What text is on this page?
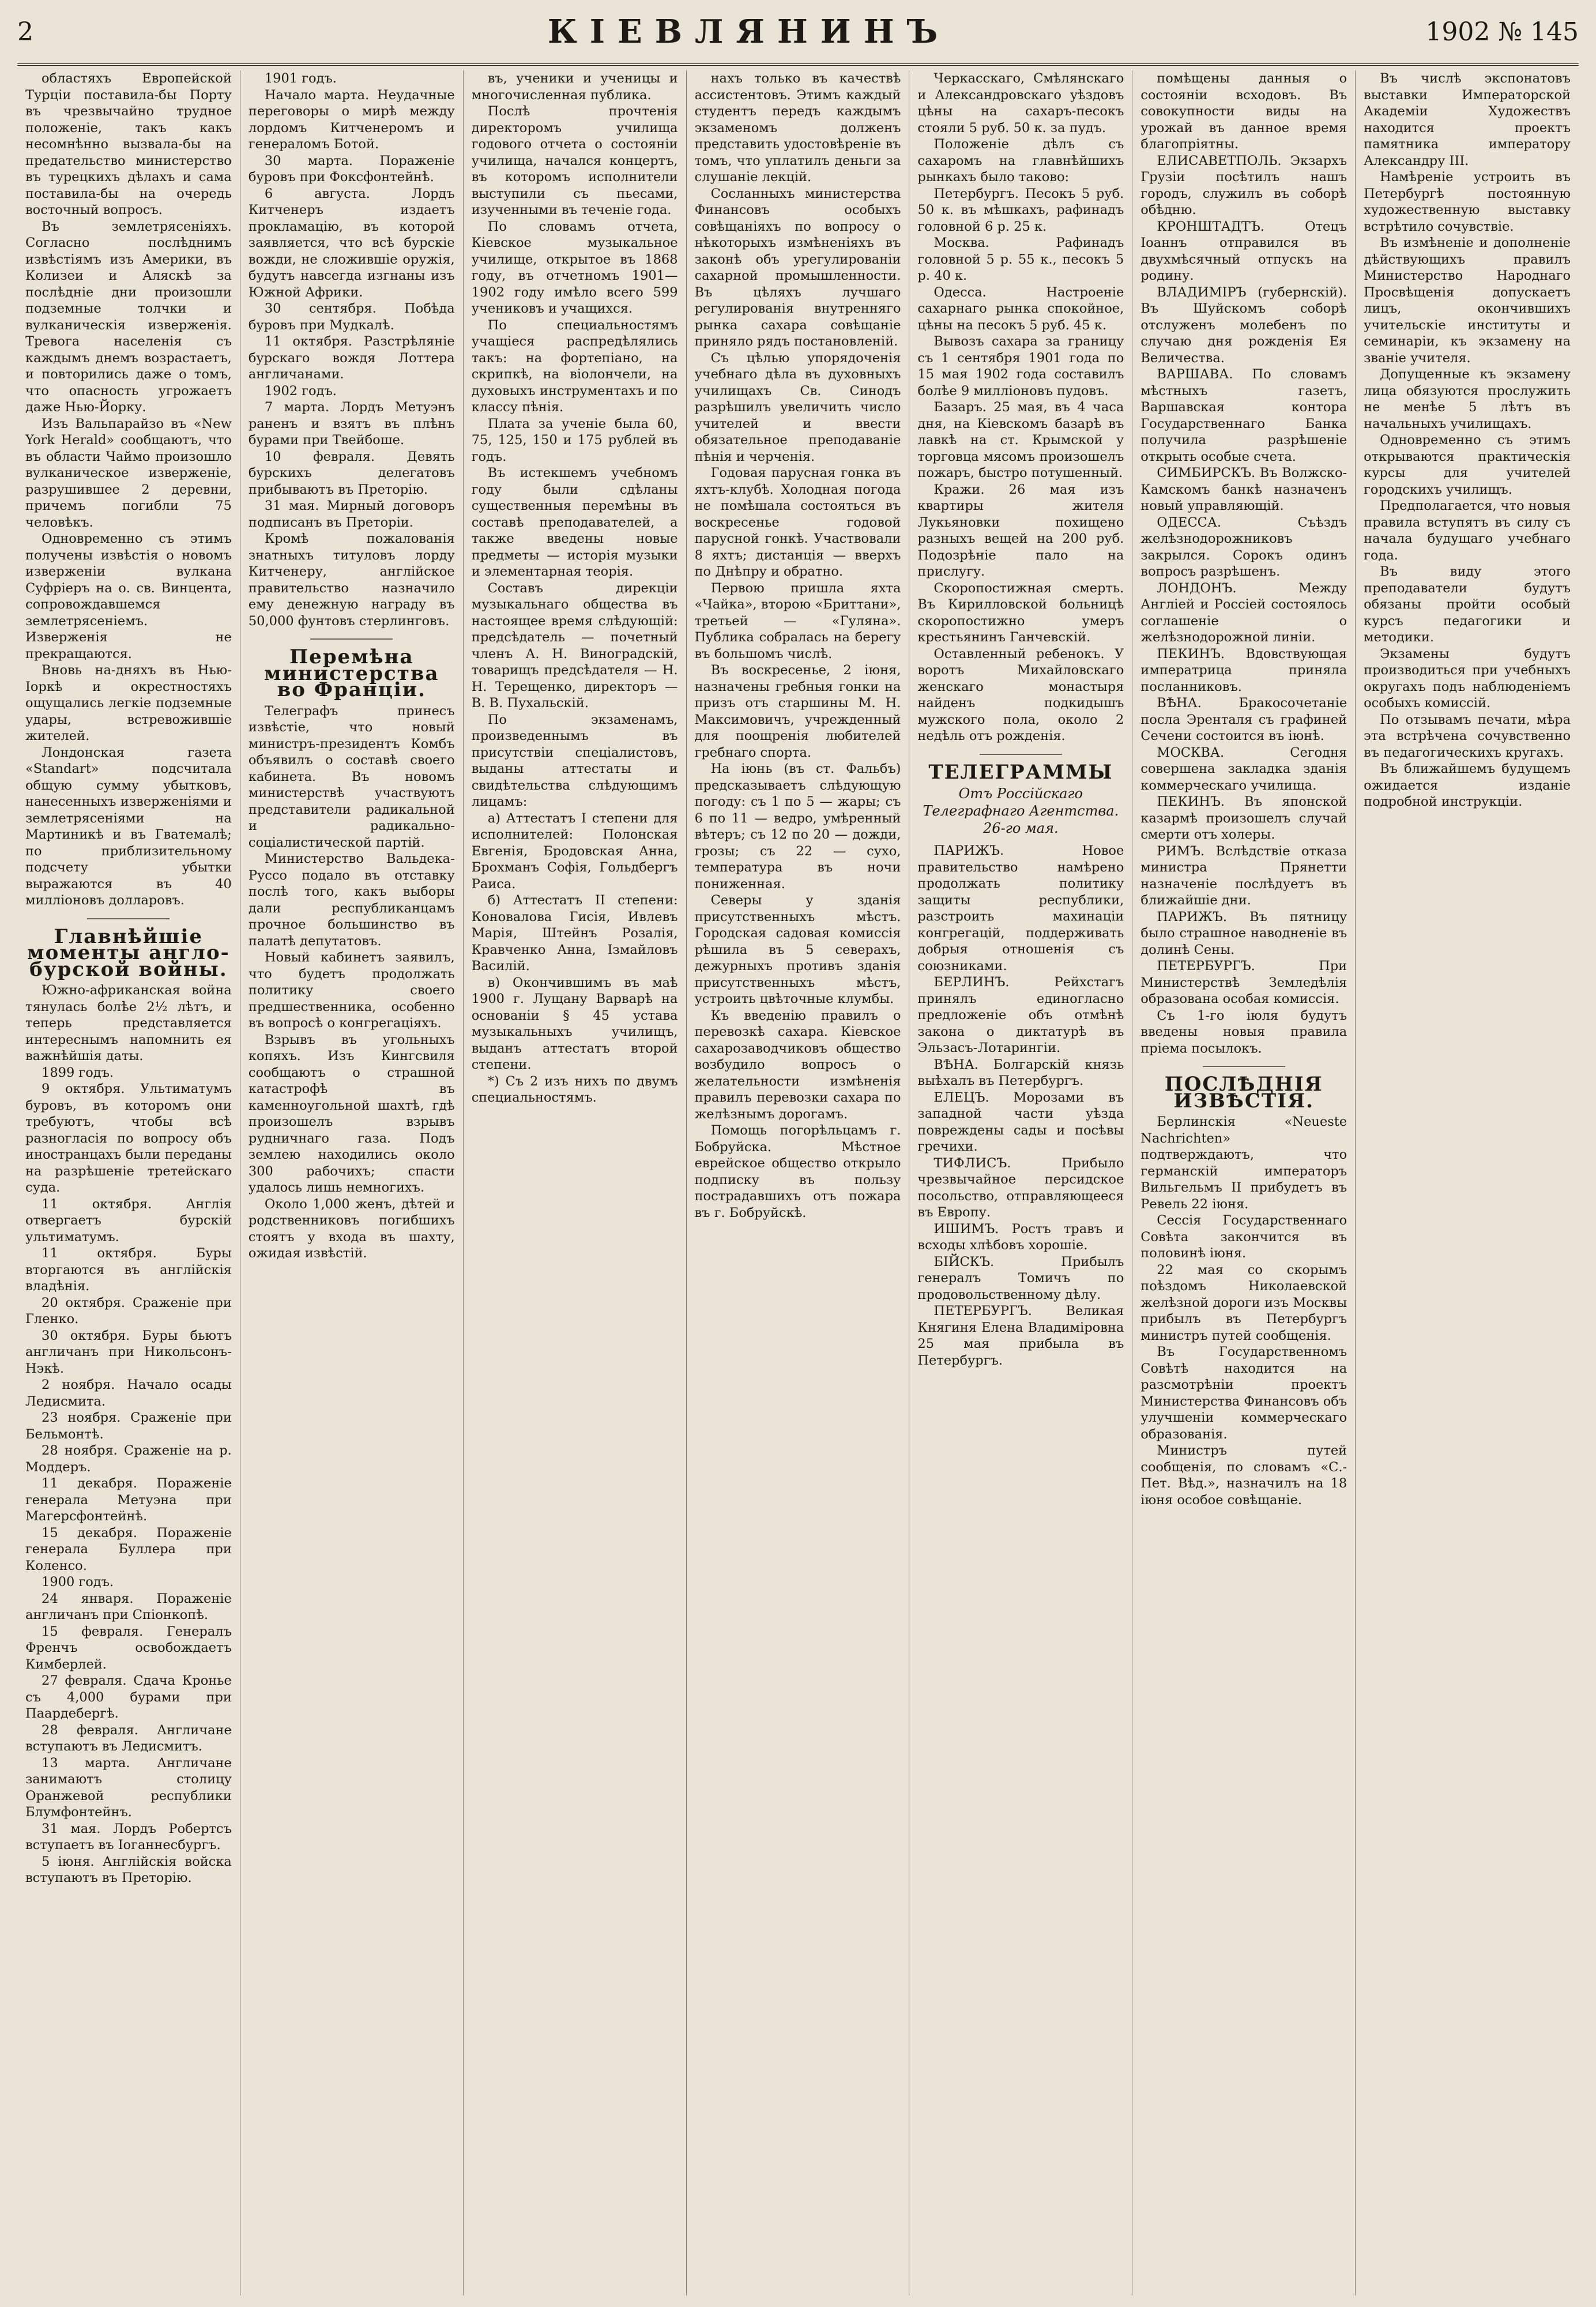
2	КІЕВЛЯНИНЪ	1902 № 145

областяхъ Европейской Турціи поставила-бы Порту въ чрезвычайно трудное положеніе, такъ какъ несомнѣнно вызвала-бы на предательство министерство въ турецкихъ дѣлахъ и сама поставила-бы на очередь восточный вопросъ.

Въ землетрясеніяхъ. Согласно послѣднимъ извѣстіямъ изъ Америки, въ Колизеи и Аляскѣ за послѣдніе дни произошли подземные толчки и вулканическія изверженія. Тревога населенія съ каждымъ днемъ возрастаетъ, и повторились даже о томъ, что опасность угрожаетъ даже Нью-Йорку.

Изъ Вальпарайзо въ «New York Herald» сообщаютъ, что въ области Чаймо произошло вулканическое изверженіе, разрушившее 2 деревни, причемъ погибли 75 человѣкъ.

Одновременно съ этимъ получены извѣстія о новомъ изверженіи вулкана Суфріеръ на о. св. Винцента, сопровождавшемся землетрясеніемъ. Изверженія не прекращаются.

Вновь на-дняхъ въ Нью-Іоркѣ и окрестностяхъ ощущались легкіе подземные удары, встревожившіе жителей.

Лондонская газета «Standart» подсчитала общую сумму убытковъ, нанесенныхъ изверженіями и землетрясеніями на Мартиникѣ и въ Гватемалѣ; по приблизительному подсчету убытки выражаются въ 40 милліоновъ долларовъ.

Главнѣйшіе моменты англо-бурской войны.

Южно-африканская война тянулась болѣе 2½ лѣтъ, и теперь представляется интереснымъ напомнить ея важнѣйшія даты.

1899 годъ.

9 октября. Ультиматумъ буровъ, въ которомъ они требуютъ, чтобы всѣ разногласія по вопросу объ иностранцахъ были переданы на разрѣшеніе третейскаго суда.

11 октября. Англія отвергаетъ бурскій ультиматумъ.

11 октября. Буры вторгаются въ англійскія владѣнія.

20 октября. Сраженіе при Гленко.

30 октября. Буры бьютъ англичанъ при Никольсонъ-Нэкѣ.

2 ноября. Начало осады Ледисмита.

23 ноября. Сраженіе при Бельмонтѣ.

28 ноября. Сраженіе на р. Моддеръ.

11 декабря. Пораженіе генерала Метуэна при Магерсфонтейнѣ.

15 декабря. Пораженіе генерала Буллера при Коленсо.

1900 годъ.

24 января. Пораженіе англичанъ при Спіонкопѣ.

15 февраля. Генералъ Френчъ освобождаетъ Кимберлей.

27 февраля. Сдача Кронье съ 4,000 бурами при Паардебергѣ.

28 февраля. Англичане вступаютъ въ Ледисмитъ.

13 марта. Англичане занимаютъ столицу Оранжевой республики Блумфонтейнъ.

31 мая. Лордъ Робертсъ вступаетъ въ Іоганнесбургъ.

5 іюня. Англійскія войска вступаютъ въ Преторію.

1901 годъ.

Начало марта. Неудачные переговоры о мирѣ между лордомъ Китченеромъ и генераломъ Ботой.

30 марта. Пораженіе буровъ при Фоксфонтейнѣ.

6 августа. Лордъ Китченеръ издаетъ прокламацію, въ которой заявляется, что всѣ бурскіе вожди, не сложившіе оружія, будутъ навсегда изгнаны изъ Южной Африки.

30 сентября. Побѣда буровъ при Мудкалѣ.

11 октября. Разстрѣляніе бурскаго вождя Лоттера англичанами.

1902 годъ.

7 марта. Лордъ Метуэнъ раненъ и взятъ въ плѣнъ бурами при Твейбоше.

10 февраля. Девять бурскихъ делегатовъ прибываютъ въ Преторію.

31 мая. Мирный договоръ подписанъ въ Преторіи.

Кромѣ пожалованія знатныхъ титуловъ лорду Китченеру, англійское правительство назначило ему денежную награду въ 50,000 фунтовъ стерлинговъ.

Перемѣна министерства во Франціи.

Телеграфъ принесъ извѣстіе, что новый министръ-президентъ Комбъ объявилъ о составѣ своего кабинета. Въ новомъ министерствѣ участвуютъ представители радикальной и радикально-соціалистической партій.

Министерство Вальдека-Руссо подало въ отставку послѣ того, какъ выборы дали республиканцамъ прочное большинство въ палатѣ депутатовъ.

Новый кабинетъ заявилъ, что будетъ продолжать политику своего предшественника, особенно въ вопросѣ о конгрегаціяхъ.

Взрывъ въ угольныхъ копяхъ. Изъ Кингсвиля сообщаютъ о страшной катастрофѣ въ каменноугольной шахтѣ, гдѣ произошелъ взрывъ рудничнаго газа. Подъ землею находились около 300 рабочихъ; спасти удалось лишь немногихъ.

Около 1,000 женъ, дѣтей и родственниковъ погибшихъ стоятъ у входа въ шахту, ожидая извѣстій.

въ, ученики и ученицы и многочисленная публика.

Послѣ прочтенія директоромъ училища годового отчета о состояніи училища, начался концертъ, въ которомъ исполнители выступили съ пьесами, изученными въ теченіе года.

По словамъ отчета, Кіевское музыкальное училище, открытое въ 1868 году, въ отчетномъ 1901—1902 году имѣло всего 599 учениковъ и учащихся.

По специальностямъ учащіеся распредѣлялись такъ: на фортепіано, на скрипкѣ, на віолончели, на духовыхъ инструментахъ и по классу пѣнія.

Плата за ученіе была 60, 75, 125, 150 и 175 рублей въ годъ.

Въ истекшемъ учебномъ году были сдѣланы существенныя перемѣны въ составѣ преподавателей, а также введены новые предметы — исторія музыки и элементарная теорія.

Составъ дирекціи музыкальнаго общества въ настоящее время слѣдующій: предсѣдатель — почетный членъ А. Н. Виноградскій, товарищъ предсѣдателя — Н. Н. Терещенко, директоръ — В. В. Пухальскій.

По экзаменамъ, произведеннымъ въ присутствіи спеціалистовъ, выданы аттестаты и свидѣтельства слѣдующимъ лицамъ:

а) Аттестатъ I степени для исполнителей: Полонская Евгенія, Бродовская Анна, Брохманъ Софія, Гольдбергъ Раиса.

б) Аттестатъ II степени: Коновалова Гисія, Ивлевъ Марія, Штейнъ Розалія, Кравченко Анна, Ізмайловъ Василій.

в) Окончившимъ въ маѣ 1900 г. Лущану Варварѣ на основаніи § 45 устава музыкальныхъ училищъ, выданъ аттестатъ второй степени.

*) Съ 2 изъ нихъ по двумъ специальностямъ.

нахъ только въ качествѣ ассистентовъ. Этимъ каждый студентъ передъ каждымъ экзаменомъ долженъ представить удостовѣреніе въ томъ, что уплатилъ деньги за слушаніе лекцій.

Сосланныхъ министерства Финансовъ особыхъ совѣщаніяхъ по вопросу о нѣкоторыхъ измѣненіяхъ въ законѣ объ урегулированіи сахарной промышленности. Въ цѣляхъ лучшаго регулированія внутренняго рынка сахара совѣщаніе приняло рядъ постановленій.

Съ цѣлью упорядоченія учебнаго дѣла въ духовныхъ училищахъ Св. Синодъ разрѣшилъ увеличить число учителей и ввести обязательное преподаваніе пѣнія и черченія.

Годовая парусная гонка въ яхтъ-клубѣ. Холодная погода не помѣшала состояться въ воскресенье годовой парусной гонкѣ. Участвовали 8 яхтъ; дистанція — вверхъ по Днѣпру и обратно.

Первою пришла яхта «Чайка», второю «Бриттани», третьей — «Гуляна». Публика собралась на берегу въ большомъ числѣ.

Въ воскресенье, 2 іюня, назначены гребныя гонки на призъ отъ старшины М. Н. Максимовичъ, учрежденный для поощренія любителей гребнаго спорта.

На іюнь (въ ст. Фальбъ) предсказываетъ слѣдующую погоду: съ 1 по 5 — жары; съ 6 по 11 — ведро, умѣренный вѣтеръ; съ 12 по 20 — дожди, грозы; съ 22 — сухо, температура въ ночи пониженная.

Северы у зданія присутственныхъ мѣстъ. Городская садовая комиссія рѣшила въ 5 северахъ, дежурныхъ противъ зданія присутственныхъ мѣстъ, устроить цвѣточные клумбы.

Къ введенію правилъ о перевозкѣ сахара. Кіевское сахарозаводчиковъ общество возбудило вопросъ о желательности измѣненія правилъ перевозки сахара по желѣзнымъ дорогамъ.

Помощь погорѣльцамъ г. Бобруйска. Мѣстное еврейское общество открыло подписку въ пользу пострадавшихъ отъ пожара въ г. Бобруйскѣ.

Черкасскаго, Смѣлянскаго и Александровскаго уѣздовъ цѣны на сахаръ-песокъ стояли 5 руб. 50 к. за пудъ.

Положеніе дѣлъ съ сахаромъ на главнѣйшихъ рынкахъ было таково:

Петербургъ. Песокъ 5 руб. 50 к. въ мѣшкахъ, рафинадъ головной 6 р. 25 к.

Москва. Рафинадъ головной 5 р. 55 к., песокъ 5 р. 40 к.

Одесса. Настроеніе сахарнаго рынка спокойное, цѣны на песокъ 5 руб. 45 к.

Вывозъ сахара за границу съ 1 сентября 1901 года по 15 мая 1902 года составилъ болѣе 9 милліоновъ пудовъ.

Базаръ. 25 мая, въ 4 часа дня, на Кіевскомъ базарѣ въ лавкѣ на ст. Крымской у торговца мясомъ произошелъ пожаръ, быстро потушенный.

Кражи. 26 мая изъ квартиры жителя Лукьяновки похищено разныхъ вещей на 200 руб. Подозрѣніе пало на прислугу.

Скоропостижная смерть. Въ Кирилловской больницѣ скоропостижно умеръ крестьянинъ Ганчевскій.

Оставленный ребенокъ. У воротъ Михайловскаго женскаго монастыря найденъ подкидышъ мужского пола, около 2 недѣль отъ рожденія.

ТЕЛЕГРАММЫ
Отъ Россійскаго Телеграфнаго Агентства. 26-го мая.

ПАРИЖЪ. Новое правительство намѣрено продолжать политику защиты республики, разстроить махинаціи конгрегацій, поддерживать добрыя отношенія съ союзниками.

БЕРЛИНЪ. Рейхстагъ принялъ единогласно предложеніе объ отмѣнѣ закона о диктатурѣ въ Эльзасъ-Лотарингіи.

ВѢНА. Болгарскій князь выѣхалъ въ Петербургъ.

ЕЛЕЦЪ. Морозами въ западной части уѣзда повреждены сады и посѣвы гречихи.

ТИФЛИСЪ. Прибыло чрезвычайное персидское посольство, отправляющееся въ Европу.

ИШИМЪ. Ростъ травъ и всходы хлѣбовъ хорошіе.

БІЙСКЪ. Прибылъ генералъ Томичъ по продовольственному дѣлу.

ПЕТЕРБУРГЪ. Великая Княгиня Елена Владиміровна 25 мая прибыла въ Петербургъ.

помѣщены данныя о состояніи всходовъ. Въ совокупности виды на урожай въ данное время благопріятны.

ЕЛИСАВЕТПОЛЬ. Экзархъ Грузіи посѣтилъ нашъ городъ, служилъ въ соборѣ обѣдню.

КРОНШТАДТЪ. Отецъ Іоаннъ отправился въ двухмѣсячный отпускъ на родину.

ВЛАДИМІРЪ (губернскій). Въ Шуйскомъ соборѣ отслуженъ молебенъ по случаю дня рожденія Ея Величества.

ВАРШАВА. По словамъ мѣстныхъ газетъ, Варшавская контора Государственнаго Банка получила разрѣшеніе открыть особые счета.

СИМБИРСКЪ. Въ Волжско-Камскомъ банкѣ назначенъ новый управляющій.

ОДЕССА. Съѣздъ желѣзнодорожниковъ закрылся. Сорокъ одинъ вопросъ разрѣшенъ.

ЛОНДОНЪ. Между Англіей и Россіей состоялось соглашеніе о желѣзнодорожной линіи.

ПЕКИНЪ. Вдовствующая императрица приняла посланниковъ.

ВѢНА. Бракосочетаніе посла Эренталя съ графиней Сечени состоится въ іюнѣ.

МОСКВА. Сегодня совершена закладка зданія коммерческаго училища.

ПЕКИНЪ. Въ японской казармѣ произошелъ случай смерти отъ холеры.

РИМЪ. Вслѣдствіе отказа министра Прянетти назначеніе послѣдуетъ въ ближайшіе дни.

ПАРИЖЪ. Въ пятницу было страшное наводненіе въ долинѣ Сены.

ПЕТЕРБУРГЪ. При Министерствѣ Земледѣлія образована особая комиссія.

Съ 1-го іюля будутъ введены новыя правила пріема посылокъ.

ПОСЛѢДНІЯ ИЗВѢСТІЯ.

Берлинскія «Neueste Nachrichten» подтверждаютъ, что германскій императоръ Вильгельмъ II прибудетъ въ Ревель 22 іюня.

Сессія Государственнаго Совѣта закончится въ половинѣ іюня.

22 мая со скорымъ поѣздомъ Николаевской желѣзной дороги изъ Москвы прибылъ въ Петербургъ министръ путей сообщенія.

Въ Государственномъ Совѣтѣ находится на разсмотрѣніи проектъ Министерства Финансовъ объ улучшеніи коммерческаго образованія.

Министръ путей сообщенія, по словамъ «С.-Пет. Вѣд.», назначилъ на 18 іюня особое совѣщаніе.

Въ числѣ экспонатовъ выставки Императорской Академіи Художествъ находится проектъ памятника императору Александру III.

Намѣреніе устроить въ Петербургѣ постоянную художественную выставку встрѣтило сочувствіе.

Въ измѣненіе и дополненіе дѣйствующихъ правилъ Министерство Народнаго Просвѣщенія допускаетъ лицъ, окончившихъ учительскіе институты и семинаріи, къ экзамену на званіе учителя.

Допущенные къ экзамену лица обязуются прослужить не менѣе 5 лѣтъ въ начальныхъ училищахъ.

Одновременно съ этимъ открываются практическія курсы для учителей городскихъ училищъ.

Предполагается, что новыя правила вступятъ въ силу съ начала будущаго учебнаго года.

Въ виду этого преподаватели будутъ обязаны пройти особый курсъ педагогики и методики.

Экзамены будутъ производиться при учебныхъ округахъ подъ наблюденіемъ особыхъ комиссій.

По отзывамъ печати, мѣра эта встрѣчена сочувственно въ педагогическихъ кругахъ.

Въ ближайшемъ будущемъ ожидается изданіе подробной инструкціи.
